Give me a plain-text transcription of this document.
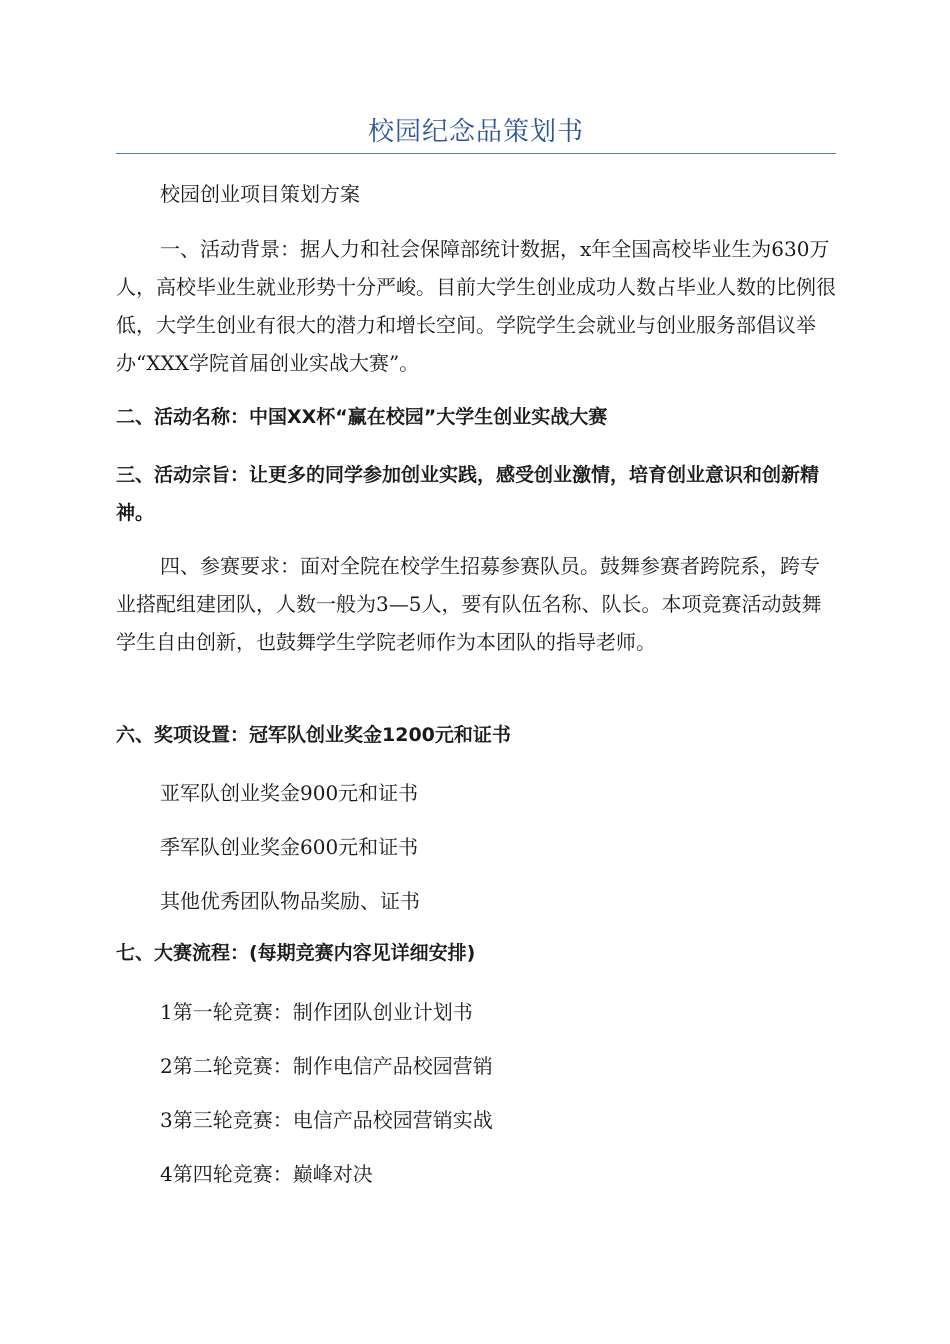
校园纪念品策划书

校园创业项目策划方案

一、活动背景：据人力和社会保障部统计数据，x年全国高校毕业生为630万人，高校毕业生就业形势十分严峻。目前大学生创业成功人数占毕业人数的比例很低，大学生创业有很大的潜力和增长空间。学院学生会就业与创业服务部倡议举办“XXX学院首届创业实战大赛”。

二、活动名称：中国XX杯“赢在校园”大学生创业实战大赛

三、活动宗旨：让更多的同学参加创业实践，感受创业激情，培育创业意识和创新精神。

四、参赛要求：面对全院在校学生招募参赛队员。鼓舞参赛者跨院系，跨专业搭配组建团队，人数一般为3—5人，要有队伍名称、队长。本项竞赛活动鼓舞学生自由创新，也鼓舞学生学院老师作为本团队的指导老师。

六、奖项设置：冠军队创业奖金1200元和证书

亚军队创业奖金900元和证书

季军队创业奖金600元和证书

其他优秀团队物品奖励、证书

七、大赛流程：(每期竞赛内容见详细安排)

1第一轮竞赛：制作团队创业计划书

2第二轮竞赛：制作电信产品校园营销

3第三轮竞赛：电信产品校园营销实战

4第四轮竞赛：巅峰对决
